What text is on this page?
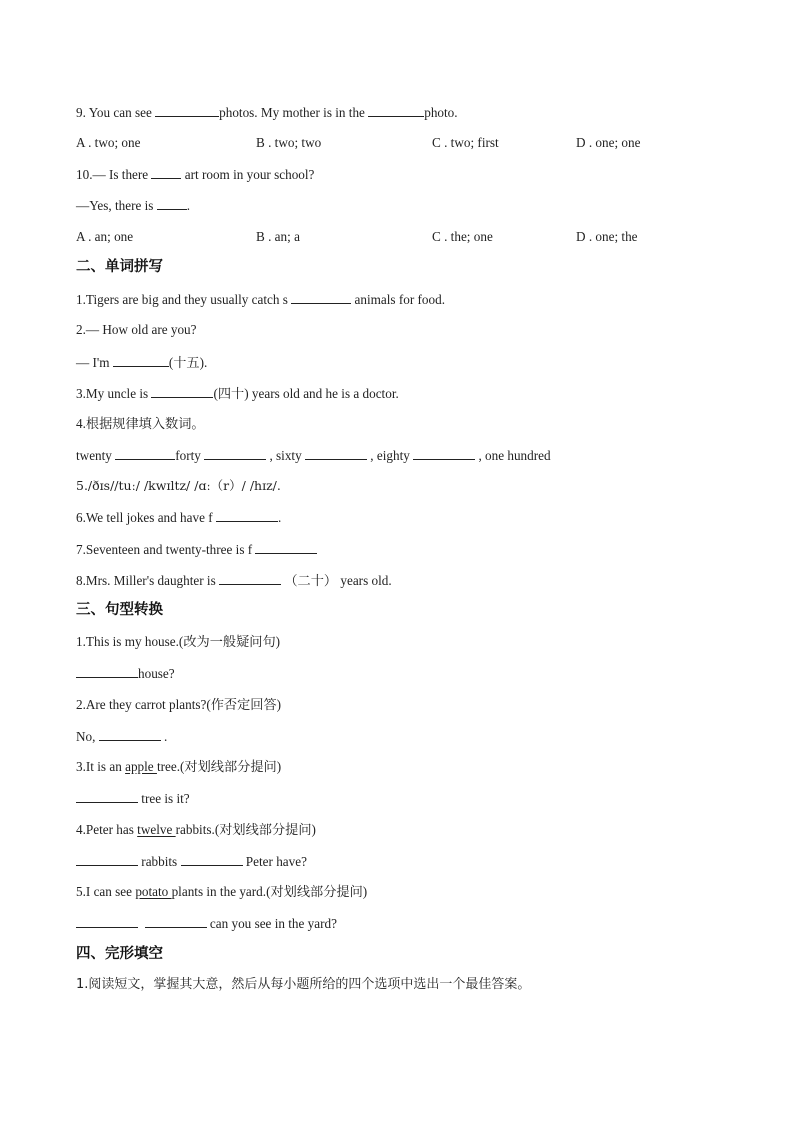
9. You can see	photos. My mother is in the	photo.
A . two; one	B . two; two	C . two; first	D . one; one
10.— Is there  art room in your school?
—Yes, there is .
A . an; one	B . an; a	C . the; one	D . one; the
二、单词拼写
1.Tigers are big and they usually catch s	animals for food.
2.— How old are you?
— I'm	(十五).
3.My uncle is	(四十) years old and he is a doctor.
4.根据规律填入数词。
twenty	forty	, sixty	, eighty	, one hundred
5./ðɪs//tuː/ /kwɪltz/ /ɑː（r）/ /hɪz/.
6.We tell jokes and have f	.
7.Seventeen and twenty-three is f
8.Mrs. Miller's daughter is	（二十） years old.
三、句型转换
1.This is my house.(改为一般疑问句)
house?
2.Are they carrot plants?(作否定回答)
No,	.
3.It is an apple tree.(对划线部分提问)
tree is it?
4.Peter has twelve rabbits.(对划线部分提问)
rabbits	Peter have?
5.I can see potato plants in the yard.(对划线部分提问)
can you see in the yard?
四、完形填空
1.阅读短文，掌握其大意，然后从每小题所给的四个选项中选出一个最佳答案。
